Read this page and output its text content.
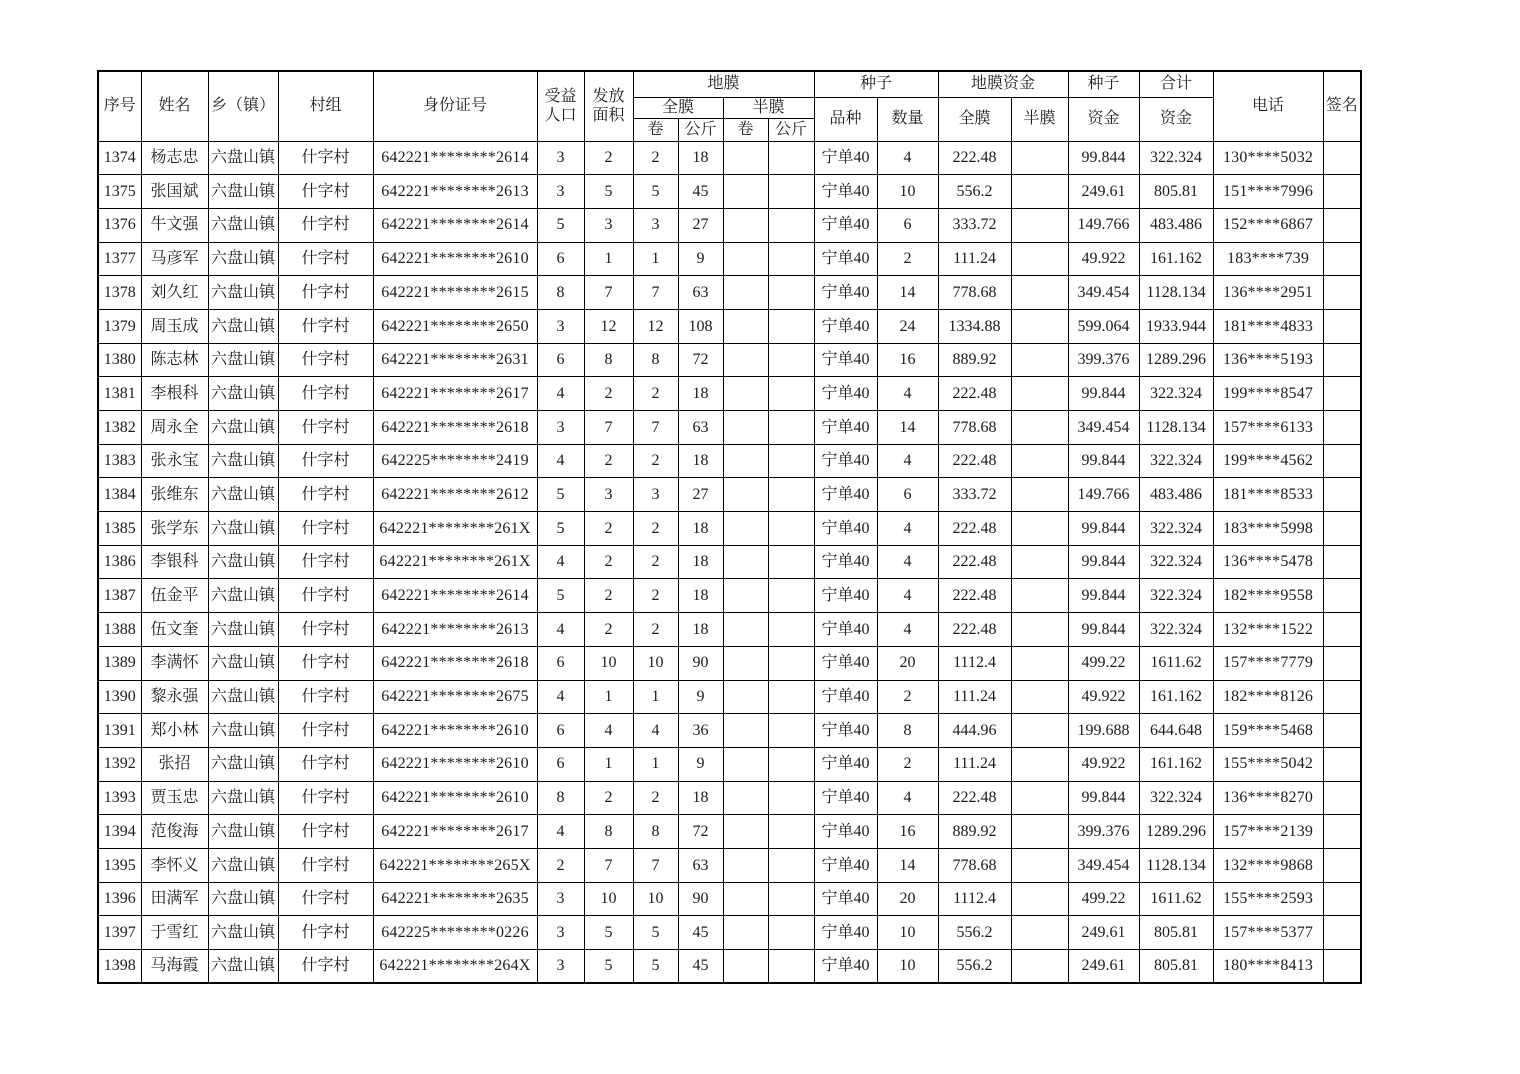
序号	姓名	乡（镇）	村组	身份证号	受益人口	发放面积	地膜				种子		地膜资金		种子	合计	电话	签名
							全膜		半膜		品种	数量	全膜	半膜	资金	资金		
							卷	公斤	卷	公斤								
1374	杨志忠	六盘山镇	什字村	642221********2614	3	2	2	18			宁单40	4	222.48		99.844	322.324	130****5032	
1375	张国斌	六盘山镇	什字村	642221********2613	3	5	5	45			宁单40	10	556.2		249.61	805.81	151****7996	
1376	牛文强	六盘山镇	什字村	642221********2614	5	3	3	27			宁单40	6	333.72		149.766	483.486	152****6867	
1377	马彦军	六盘山镇	什字村	642221********2610	6	1	1	9			宁单40	2	111.24		49.922	161.162	183****739	
1378	刘久红	六盘山镇	什字村	642221********2615	8	7	7	63			宁单40	14	778.68		349.454	1128.134	136****2951	
1379	周玉成	六盘山镇	什字村	642221********2650	3	12	12	108			宁单40	24	1334.88		599.064	1933.944	181****4833	
1380	陈志林	六盘山镇	什字村	642221********2631	6	8	8	72			宁单40	16	889.92		399.376	1289.296	136****5193	
1381	李根科	六盘山镇	什字村	642221********2617	4	2	2	18			宁单40	4	222.48		99.844	322.324	199****8547	
1382	周永全	六盘山镇	什字村	642221********2618	3	7	7	63			宁单40	14	778.68		349.454	1128.134	157****6133	
1383	张永宝	六盘山镇	什字村	642225********2419	4	2	2	18			宁单40	4	222.48		99.844	322.324	199****4562	
1384	张维东	六盘山镇	什字村	642221********2612	5	3	3	27			宁单40	6	333.72		149.766	483.486	181****8533	
1385	张学东	六盘山镇	什字村	642221********261X	5	2	2	18			宁单40	4	222.48		99.844	322.324	183****5998	
1386	李银科	六盘山镇	什字村	642221********261X	4	2	2	18			宁单40	4	222.48		99.844	322.324	136****5478	
1387	伍金平	六盘山镇	什字村	642221********2614	5	2	2	18			宁单40	4	222.48		99.844	322.324	182****9558	
1388	伍文奎	六盘山镇	什字村	642221********2613	4	2	2	18			宁单40	4	222.48		99.844	322.324	132****1522	
1389	李满怀	六盘山镇	什字村	642221********2618	6	10	10	90			宁单40	20	1112.4		499.22	1611.62	157****7779	
1390	黎永强	六盘山镇	什字村	642221********2675	4	1	1	9			宁单40	2	111.24		49.922	161.162	182****8126	
1391	郑小林	六盘山镇	什字村	642221********2610	6	4	4	36			宁单40	8	444.96		199.688	644.648	159****5468	
1392	张招	六盘山镇	什字村	642221********2610	6	1	1	9			宁单40	2	111.24		49.922	161.162	155****5042	
1393	贾玉忠	六盘山镇	什字村	642221********2610	8	2	2	18			宁单40	4	222.48		99.844	322.324	136****8270	
1394	范俊海	六盘山镇	什字村	642221********2617	4	8	8	72			宁单40	16	889.92		399.376	1289.296	157****2139	
1395	李怀义	六盘山镇	什字村	642221********265X	2	7	7	63			宁单40	14	778.68		349.454	1128.134	132****9868	
1396	田满军	六盘山镇	什字村	642221********2635	3	10	10	90			宁单40	20	1112.4		499.22	1611.62	155****2593	
1397	于雪红	六盘山镇	什字村	642225********0226	3	5	5	45			宁单40	10	556.2		249.61	805.81	157****5377	
1398	马海霞	六盘山镇	什字村	642221********264X	3	5	5	45			宁单40	10	556.2		249.61	805.81	180****8413	
